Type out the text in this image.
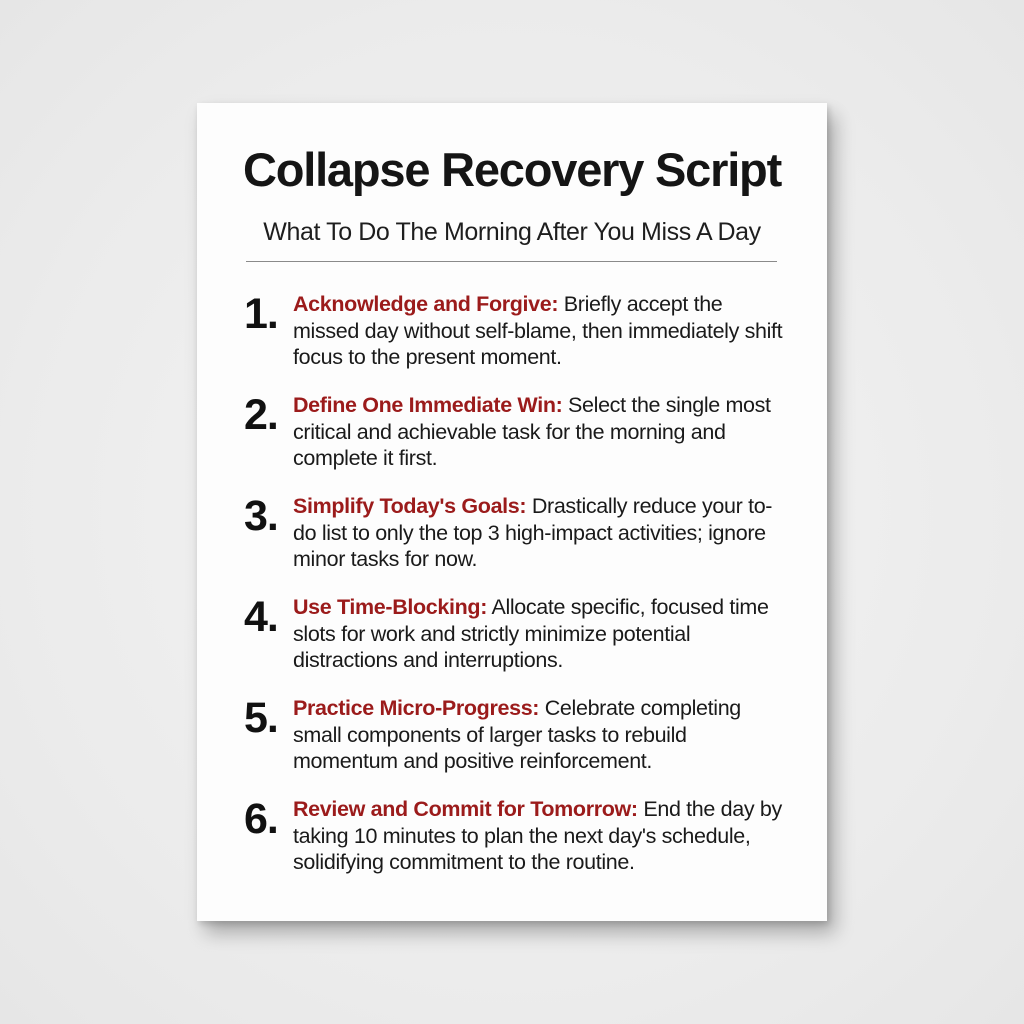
Collapse Recovery Script
What To Do The Morning After You Miss A Day
1. Acknowledge and Forgive: Briefly accept the missed day without self-blame, then immediately shift focus to the present moment.
2. Define One Immediate Win: Select the single most critical and achievable task for the morning and complete it first.
3. Simplify Today's Goals: Drastically reduce your to-do list to only the top 3 high-impact activities; ignore minor tasks for now.
4. Use Time-Blocking: Allocate specific, focused time slots for work and strictly minimize potential distractions and interruptions.
5. Practice Micro-Progress: Celebrate completing small components of larger tasks to rebuild momentum and positive reinforcement.
6. Review and Commit for Tomorrow: End the day by taking 10 minutes to plan the next day's schedule, solidifying commitment to the routine.
